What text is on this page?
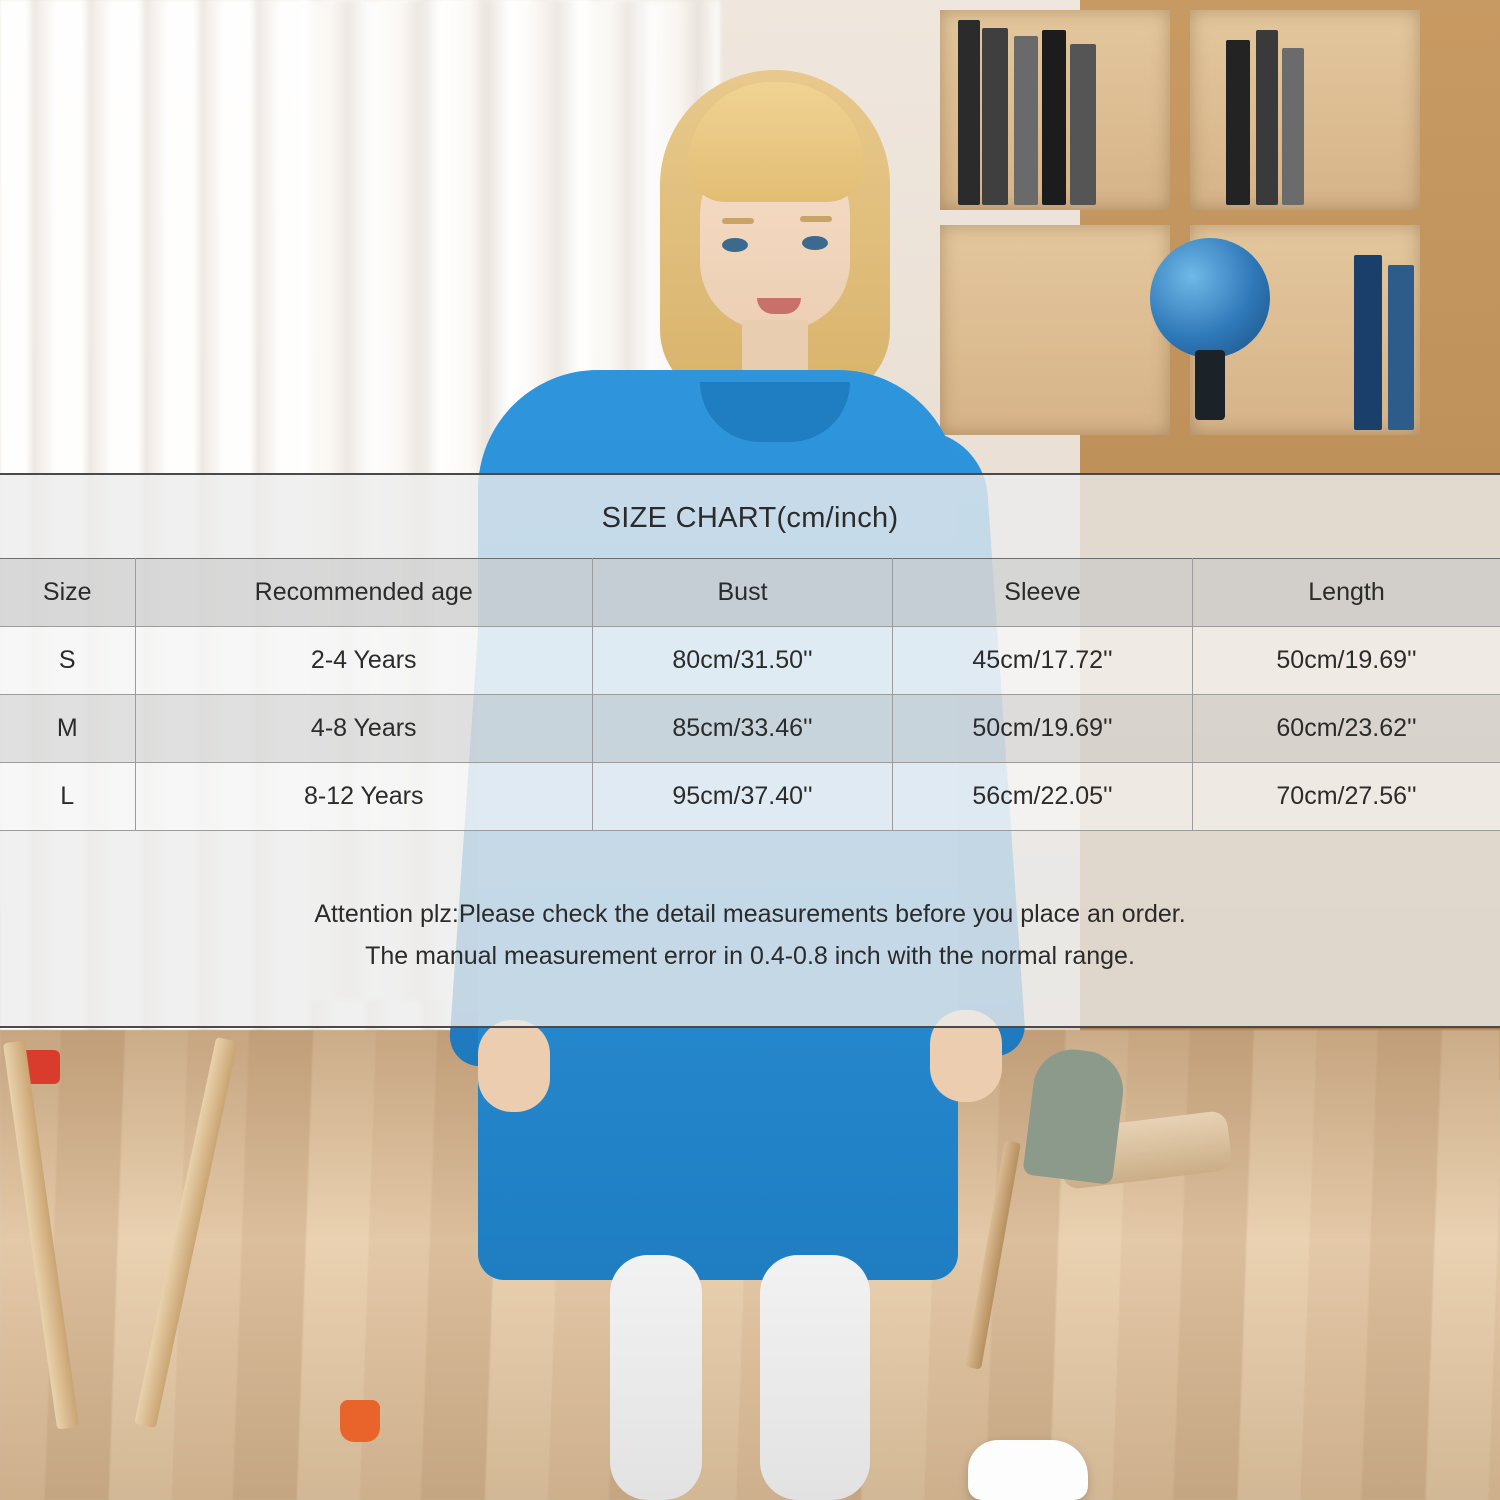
SIZE CHART(cm/inch)
Size	Recommended age	Bust	Sleeve	Length
S	2-4 Years	80cm/31.50''	45cm/17.72''	50cm/19.69''
M	4-8 Years	85cm/33.46''	50cm/19.69''	60cm/23.62''
L	8-12 Years	95cm/37.40''	56cm/22.05''	70cm/27.56''
Attention plz:Please check the detail measurements before you place an order.
The manual measurement error in 0.4-0.8 inch with the normal range.
